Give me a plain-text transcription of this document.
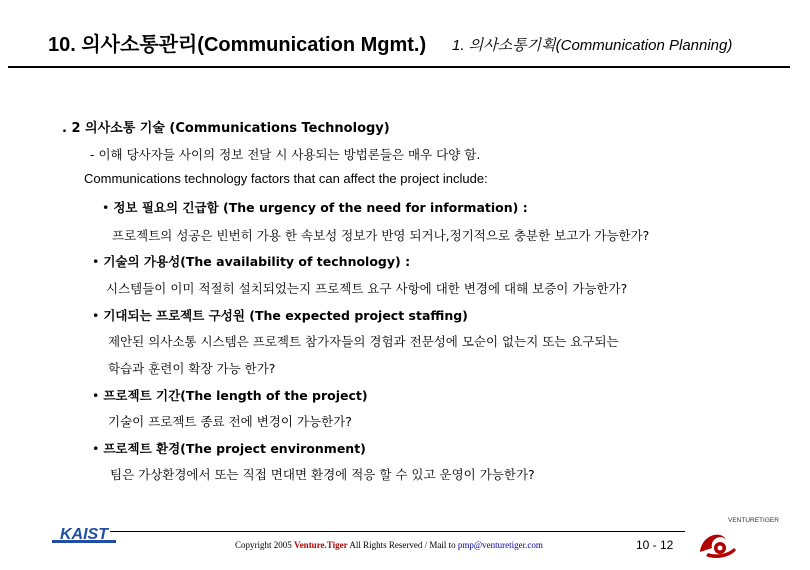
10. 의사소통관리(Communication Mgmt.) 1. 의사소통기획(Communication Planning)
. 2 의사소통 기술 (Communications Technology)
- 이해 당사자들 사이의 정보 전달 시 사용되는 방법론들은 매우 다양 함.
Communications technology factors that can affect the project include:
• 정보 필요의 긴급함 (The urgency of the need for information) :
프로젝트의 성공은 빈번히 가용 한 속보성 정보가 반영 되거나,정기적으로 충분한 보고가 가능한가?
• 기술의 가용성(The availability of technology) :
시스템들이 이미 적절히 설치되었는지 프로젝트 요구 사항에 대한 변경에 대해 보증이 가능한가?
• 기대되는 프로젝트 구성원 (The expected project staffing)
제안된 의사소통 시스템은 프로젝트 참가자들의 경험과 전문성에 모순이 없는지 또는 요구되는
학습과 훈련이 확장 가능 한가?
• 프로젝트 기간(The length of the project)
기술이 프로젝트 종료 전에 변경이 가능한가?
• 프로젝트 환경(The project environment)
팀은 가상환경에서 또는 직접 면대면 환경에 적응 할 수 있고 운영이 가능한가?
KAIST
Copyright 2005 Venture.Tiger All Rights Reserved / Mail to pmp@venturetiger.com	10 - 12
VENTURETIGER
